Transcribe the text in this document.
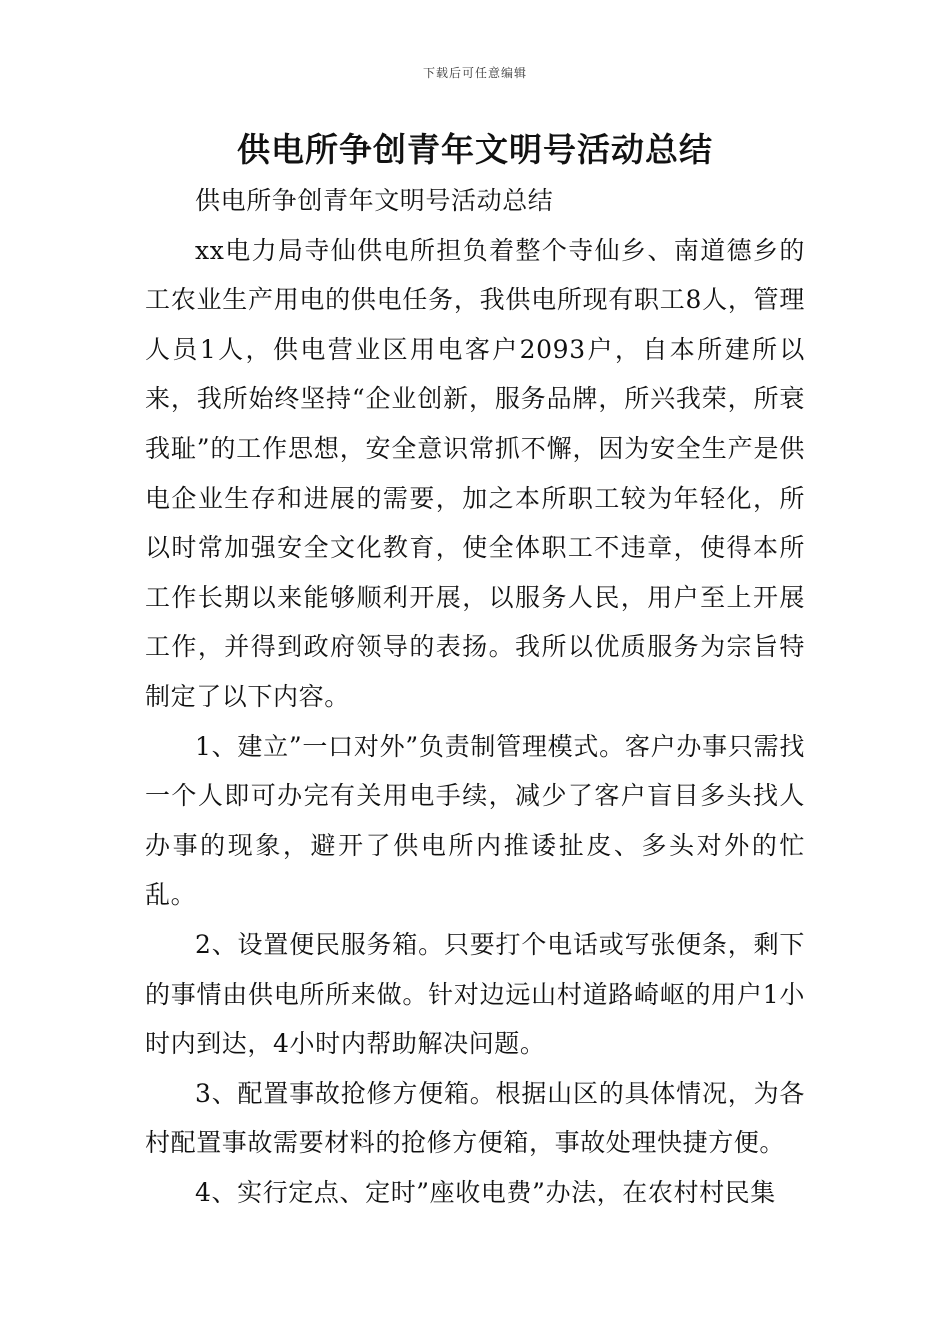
下载后可任意编辑
供电所争创青年文明号活动总结

供电所争创青年文明号活动总结

xx电力局寺仙供电所担负着整个寺仙乡、南道德乡的工农业生产用电的供电任务，我供电所现有职工8人，管理人员1人，供电营业区用电客户2093户，自本所建所以来，我所始终坚持“企业创新，服务品牌，所兴我荣，所衰我耻”的工作思想，安全意识常抓不懈，因为安全生产是供电企业生存和进展的需要，加之本所职工较为年轻化，所以时常加强安全文化教育，使全体职工不违章，使得本所工作长期以来能够顺利开展，以服务人民，用户至上开展工作，并得到政府领导的表扬。我所以优质服务为宗旨特制定了以下内容。

1、建立”一口对外”负责制管理模式。客户办事只需找一个人即可办完有关用电手续，减少了客户盲目多头找人办事的现象，避开了供电所内推诿扯皮、多头对外的忙乱。

2、设置便民服务箱。只要打个电话或写张便条，剩下的事情由供电所所来做。针对边远山村道路崎岖的用户1小时内到达，4小时内帮助解决问题。

3、配置事故抢修方便箱。根据山区的具体情况，为各村配置事故需要材料的抢修方便箱，事故处理快捷方便。

4、实行定点、定时”座收电费”办法，在农村村民集
